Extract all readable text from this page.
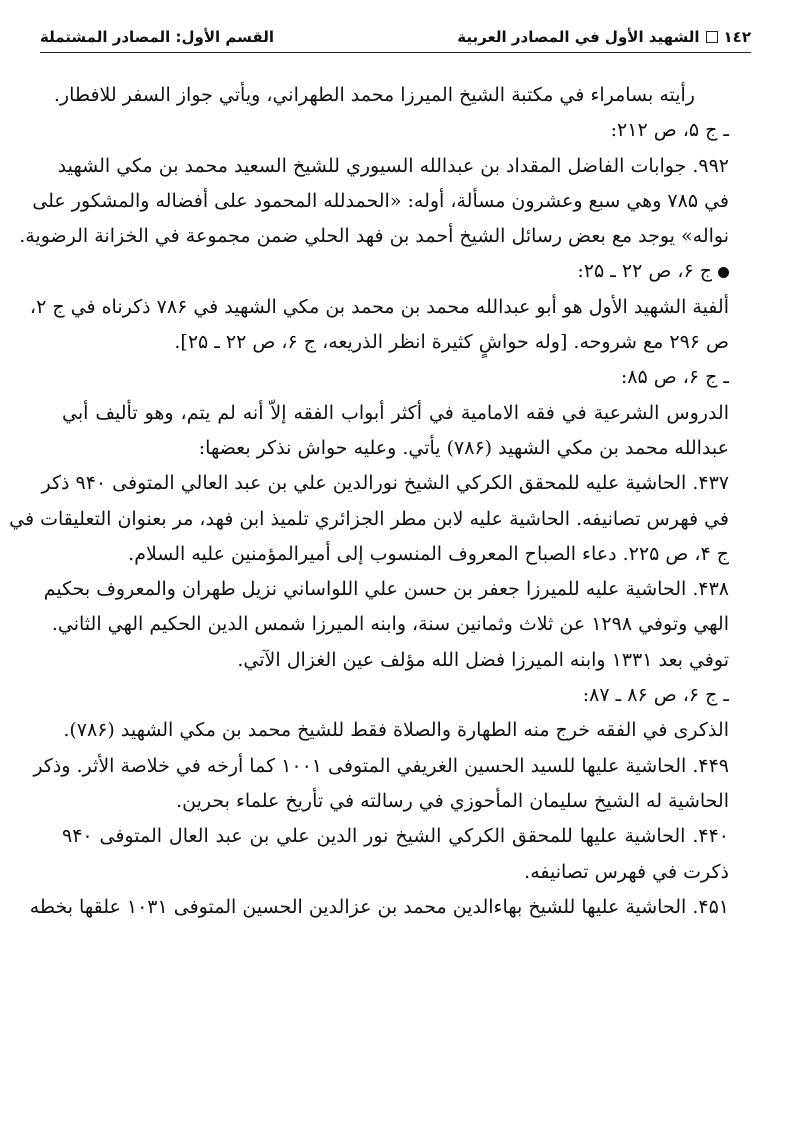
١٤٢
الشهيد الأول في المصادر العربية
القسم الأول: المصادر المشتملة
رأيته بسامراء في مكتبة الشيخ الميرزا محمد الطهراني، ويأتي جواز السفر للافطار.
ـ ج ۵، ص ۲۱۲:
۹۹۲. جوابات الفاضل المقداد بن عبدالله السيوري للشيخ السعيد محمد بن مكي الشهيد
في ۷۸۵ وهي سبع وعشرون مسألة، أوله: «الحمدلله المحمود على أفضاله والمشكور على
نواله» يوجد مع بعض رسائل الشيخ أحمد بن فهد الحلي ضمن مجموعة في الخزانة الرضوية.
ج ۶، ص ۲۲ ـ ۲۵:
ألفية الشهيد الأول هو أبو عبدالله محمد بن محمد بن مكي الشهيد في ۷۸۶ ذكرناه في ج ۲،
ص ۲۹۶ مع شروحه. [وله حواشٍ كثيرة انظر الذريعه، ج ۶، ص ۲۲ ـ ۲۵].
ـ ج ۶، ص ۸۵:
الدروس الشرعية في فقه الامامية في أكثر أبواب الفقه إلاّ أنه لم يتم، وهو تأليف أبي
عبدالله محمد بن مكي الشهيد (۷۸۶) يأتي. وعليه حواش نذكر بعضها:
۴۳۷. الحاشية عليه للمحقق الكركي الشيخ نورالدين علي بن عبد العالي المتوفى ۹۴۰ ذكر
في فهرس تصانيفه. الحاشية عليه لابن مطر الجزائري تلميذ ابن فهد، مر بعنوان التعليقات في
ج ۴، ص ۲۲۵. دعاء الصباح المعروف المنسوب إلى أميرالمؤمنين عليه السلام.
۴۳۸. الحاشية عليه للميرزا جعفر بن حسن علي اللواساني نزيل طهران والمعروف بحكيم
الهي وتوفي ۱۲۹۸ عن ثلاث وثمانين سنة، وابنه الميرزا شمس الدين الحكيم الهي الثاني.
توفي بعد ۱۳۳۱ وابنه الميرزا فضل الله مؤلف عين الغزال الآتي.
ـ ج ۶، ص ۸۶ ـ ۸۷:
الذكرى في الفقه خرج منه الطهارة والصلاة فقط للشيخ محمد بن مكي الشهيد (۷۸۶).
۴۴۹. الحاشية عليها للسيد الحسين الغريفي المتوفى ۱۰۰۱ كما أرخه في خلاصة الأثر. وذكر
الحاشية له الشيخ سليمان المأحوزي في رسالته في تأريخ علماء بحرين.
۴۴۰. الحاشية عليها للمحقق الكركي الشيخ نور الدين علي بن عبد العال المتوفى ۹۴۰
ذكرت في فهرس تصانيفه.
۴۵۱. الحاشية عليها للشيخ بهاءالدين محمد بن عزالدين الحسين المتوفى ۱۰۳۱ علقها بخطه
